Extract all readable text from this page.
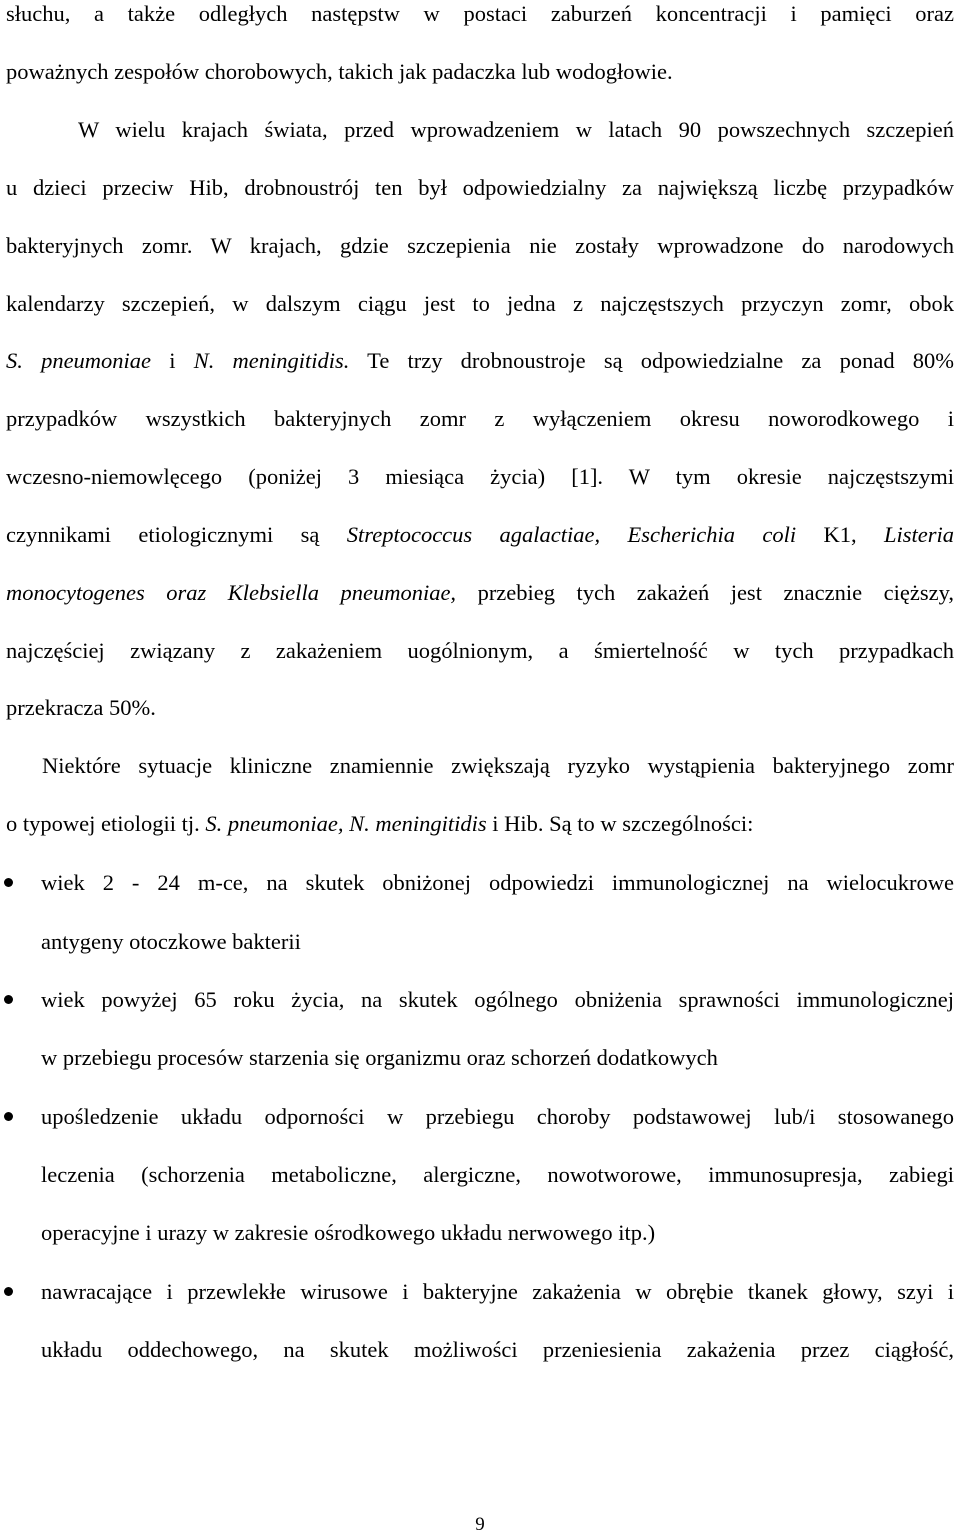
słuchu, a także odległych następstw w postaci zaburzeń koncentracji i pamięci oraz
poważnych zespołów chorobowych, takich jak padaczka lub wodogłowie.
W wielu krajach świata, przed wprowadzeniem w latach 90 powszechnych szczepień
u dzieci przeciw Hib, drobnoustrój ten był odpowiedzialny za największą liczbę przypadków
bakteryjnych zomr. W krajach, gdzie szczepienia nie zostały wprowadzone do narodowych
kalendarzy szczepień, w dalszym ciągu jest to jedna z najczęstszych przyczyn zomr, obok
S. pneumoniae i N. meningitidis. Te trzy drobnoustroje są odpowiedzialne za ponad 80%
przypadków wszystkich bakteryjnych zomr z wyłączeniem okresu noworodkowego i
wczesno-niemowlęcego (poniżej 3 miesiąca życia) [1]. W tym okresie najczęstszymi
czynnikami etiologicznymi są Streptococcus agalactiae, Escherichia coli K1, Listeria
monocytogenes oraz Klebsiella pneumoniae, przebieg tych zakażeń jest znacznie cięższy,
najczęściej związany z zakażeniem uogólnionym, a śmiertelność w tych przypadkach
przekracza 50%.
Niektóre sytuacje kliniczne znamiennie zwiększają ryzyko wystąpienia bakteryjnego zomr
o typowej etiologii tj. S. pneumoniae, N. meningitidis i Hib. Są to w szczególności:
wiek 2 - 24 m-ce, na skutek obniżonej odpowiedzi immunologicznej na wielocukrowe
antygeny otoczkowe bakterii
wiek powyżej 65 roku życia, na skutek ogólnego obniżenia sprawności immunologicznej
w przebiegu procesów starzenia się organizmu oraz schorzeń dodatkowych
upośledzenie układu odporności w przebiegu choroby podstawowej lub/i stosowanego
leczenia (schorzenia metaboliczne, alergiczne, nowotworowe, immunosupresja, zabiegi
operacyjne i urazy w zakresie ośrodkowego układu nerwowego itp.)
nawracające i przewlekłe wirusowe i bakteryjne zakażenia w obrębie tkanek głowy, szyi i
układu oddechowego, na skutek możliwości przeniesienia zakażenia przez ciągłość,
9
